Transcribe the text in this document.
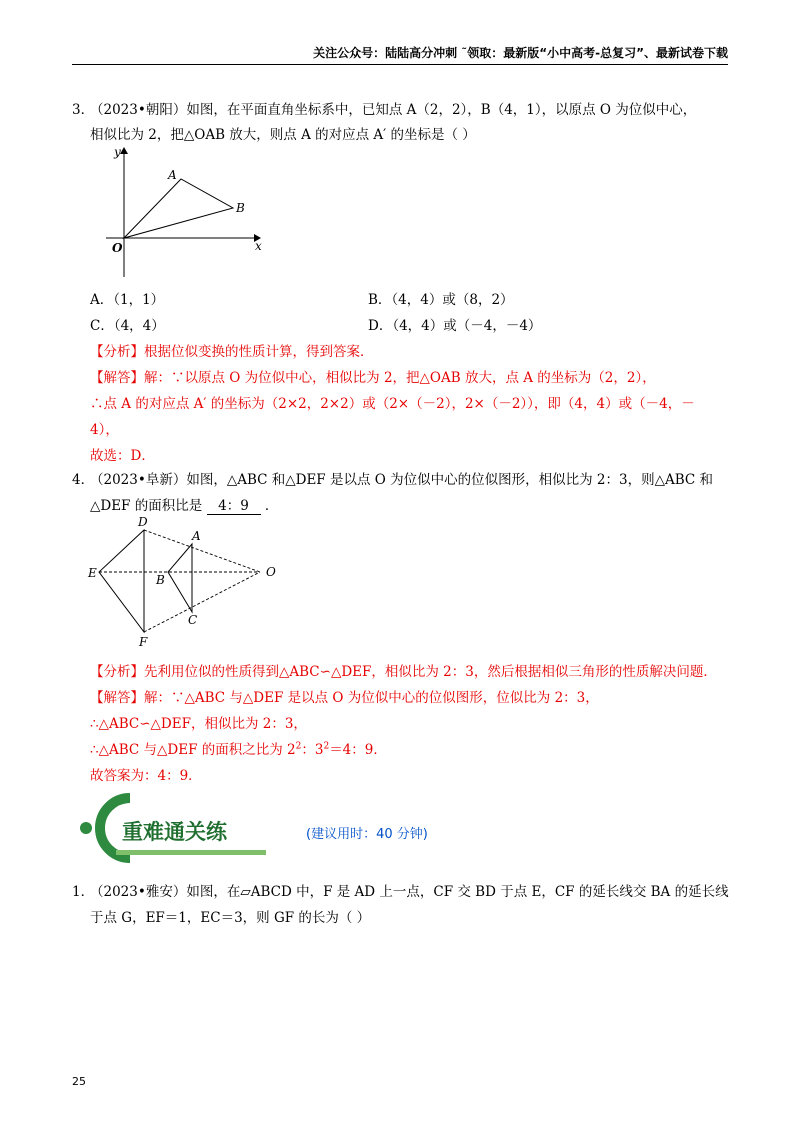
关注公众号：陆陆高分冲刺 ˜领取：最新版“小中高考-总复习”、最新试卷下载
3．
（2023•朝阳）如图，在平面直角坐标系中，已知点 A（2，2），B（4，1），以原点 O 为位似中心，
相似比为 2，把△OAB 放大，则点 A 的对应点 A′ 的坐标是（ ）
y
x
O
A
B
A．（1，1）	B．（4，4）或（8，2）
C．（4，4）	D．（4，4）或（－4，－4）
【分析】根据位似变换的性质计算，得到答案．
【解答】解：∵以原点 O 为位似中心，相似比为 2，把△OAB 放大，点 A 的坐标为（2，2），
∴点 A 的对应点 A′ 的坐标为（2×2，2×2）或（2×（－2），2×（－2）），即（4，4）或（－4，－
4），
故选：D．
4．
（2023•阜新）如图，△ABC 和△DEF 是以点 O 为位似中心的位似图形，相似比为 2：3，则△ABC 和
△DEF 的面积比是 4：9 ．
D
A
E	B
O
C
F
【分析】先利用位似的性质得到△ABC∽△DEF，相似比为 2：3，然后根据相似三角形的性质解决问题．
【解答】解：∵△ABC 与△DEF 是以点 O 为位似中心的位似图形，位似比为 2：3，
∴△ABC∽△DEF，相似比为 2：3，
∴△ABC 与△DEF 的面积之比为 $2^2$：$3^2=4$：9．
故答案为：4：9．
重难通关练	(建议用时：40 分钟)
1．
（2023•雅安）如图，在▱ABCD 中，F 是 AD 上一点，CF 交 BD 于点 E，CF 的延长线交 BA 的延长线
于点 G，EF＝1，EC＝3，则 GF 的长为（ ）
25
